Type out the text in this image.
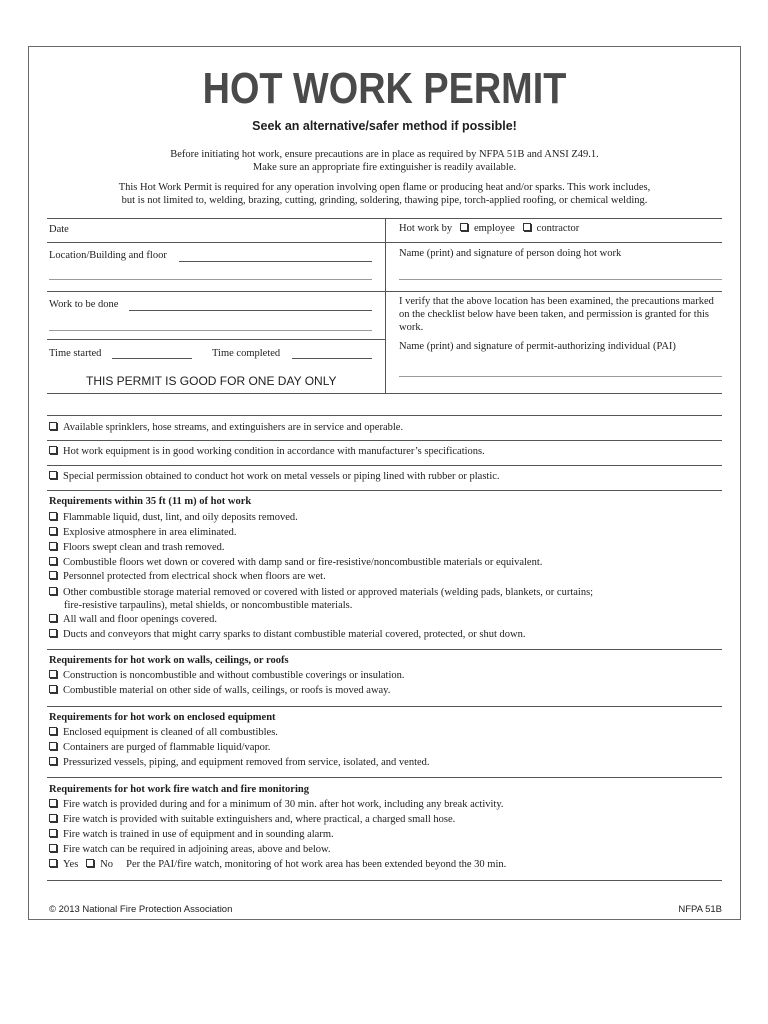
HOT WORK PERMIT
Seek an alternative/safer method if possible!
Before initiating hot work, ensure precautions are in place as required by NFPA 51B and ANSI Z49.1.
Make sure an appropriate fire extinguisher is readily available.
This Hot Work Permit is required for any operation involving open flame or producing heat and/or sparks. This work includes,
but is not limited to, welding, brazing, cutting, grinding, soldering, thawing pipe, torch-applied roofing, or chemical welding.
Date	Hot work by employee contractor
Location/Building and floor	Name (print) and signature of person doing hot work
Work to be done	I verify that the above location has been examined, the precautions marked on the checklist below have been taken, and permission is granted for this work.
Name (print) and signature of permit-authorizing individual (PAI)
Time started	Time completed
THIS PERMIT IS GOOD FOR ONE DAY ONLY
Available sprinklers, hose streams, and extinguishers are in service and operable.
Hot work equipment is in good working condition in accordance with manufacturer’s specifications.
Special permission obtained to conduct hot work on metal vessels or piping lined with rubber or plastic.
Requirements within 35 ft (11 m) of hot work
Flammable liquid, dust, lint, and oily deposits removed.
Explosive atmosphere in area eliminated.
Floors swept clean and trash removed.
Combustible floors wet down or covered with damp sand or fire-resistive/noncombustible materials or equivalent.
Personnel protected from electrical shock when floors are wet.
Other combustible storage material removed or covered with listed or approved materials (welding pads, blankets, or curtains;
fire-resistive tarpaulins), metal shields, or noncombustible materials.
All wall and floor openings covered.
Ducts and conveyors that might carry sparks to distant combustible material covered, protected, or shut down.
Requirements for hot work on walls, ceilings, or roofs
Construction is noncombustible and without combustible coverings or insulation.
Combustible material on other side of walls, ceilings, or roofs is moved away.
Requirements for hot work on enclosed equipment
Enclosed equipment is cleaned of all combustibles.
Containers are purged of flammable liquid/vapor.
Pressurized vessels, piping, and equipment removed from service, isolated, and vented.
Requirements for hot work fire watch and fire monitoring
Fire watch is provided during and for a minimum of 30 min. after hot work, including any break activity.
Fire watch is provided with suitable extinguishers and, where practical, a charged small hose.
Fire watch is trained in use of equipment and in sounding alarm.
Fire watch can be required in adjoining areas, above and below.
Yes No Per the PAI/fire watch, monitoring of hot work area has been extended beyond the 30 min.
© 2013 National Fire Protection Association	NFPA 51B
